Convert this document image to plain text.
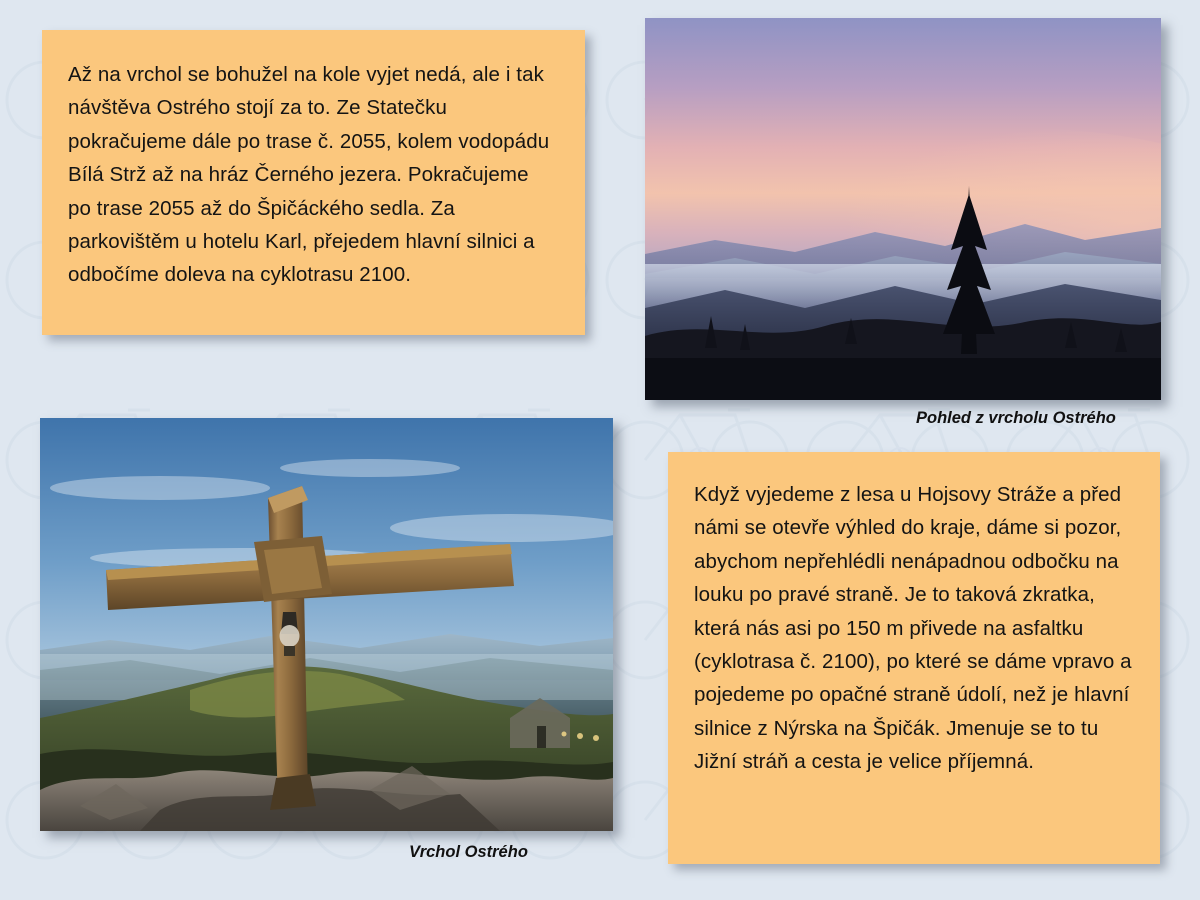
Až na vrchol se bohužel na kole vyjet nedá, ale i tak návštěva Ostrého stojí za to. Ze Statečku pokračujeme dále po trase č. 2055, kolem vodopádu Bílá Strž až na hráz Černého jezera. Pokračujeme po trase 2055 až do Špičáckého sedla. Za parkovištěm u hotelu Karl, přejedem hlavní silnici a odbočíme doleva na cyklotrasu 2100.

Pohled z vrcholu Ostrého
Vrchol Ostrého

Když vyjedeme z lesa u Hojsovy Stráže a před námi se otevře výhled do kraje, dáme si pozor, abychom nepřehlédli nenápadnou odbočku na louku po pravé straně. Je to taková zkratka, která nás asi po 150 m přivede na asfaltku (cyklotrasa č. 2100), po které se dáme vpravo a pojedeme po opačné straně údolí, než je hlavní silnice z Nýrska na Špičák. Jmenuje se to tu Jižní stráň a cesta je velice příjemná.
